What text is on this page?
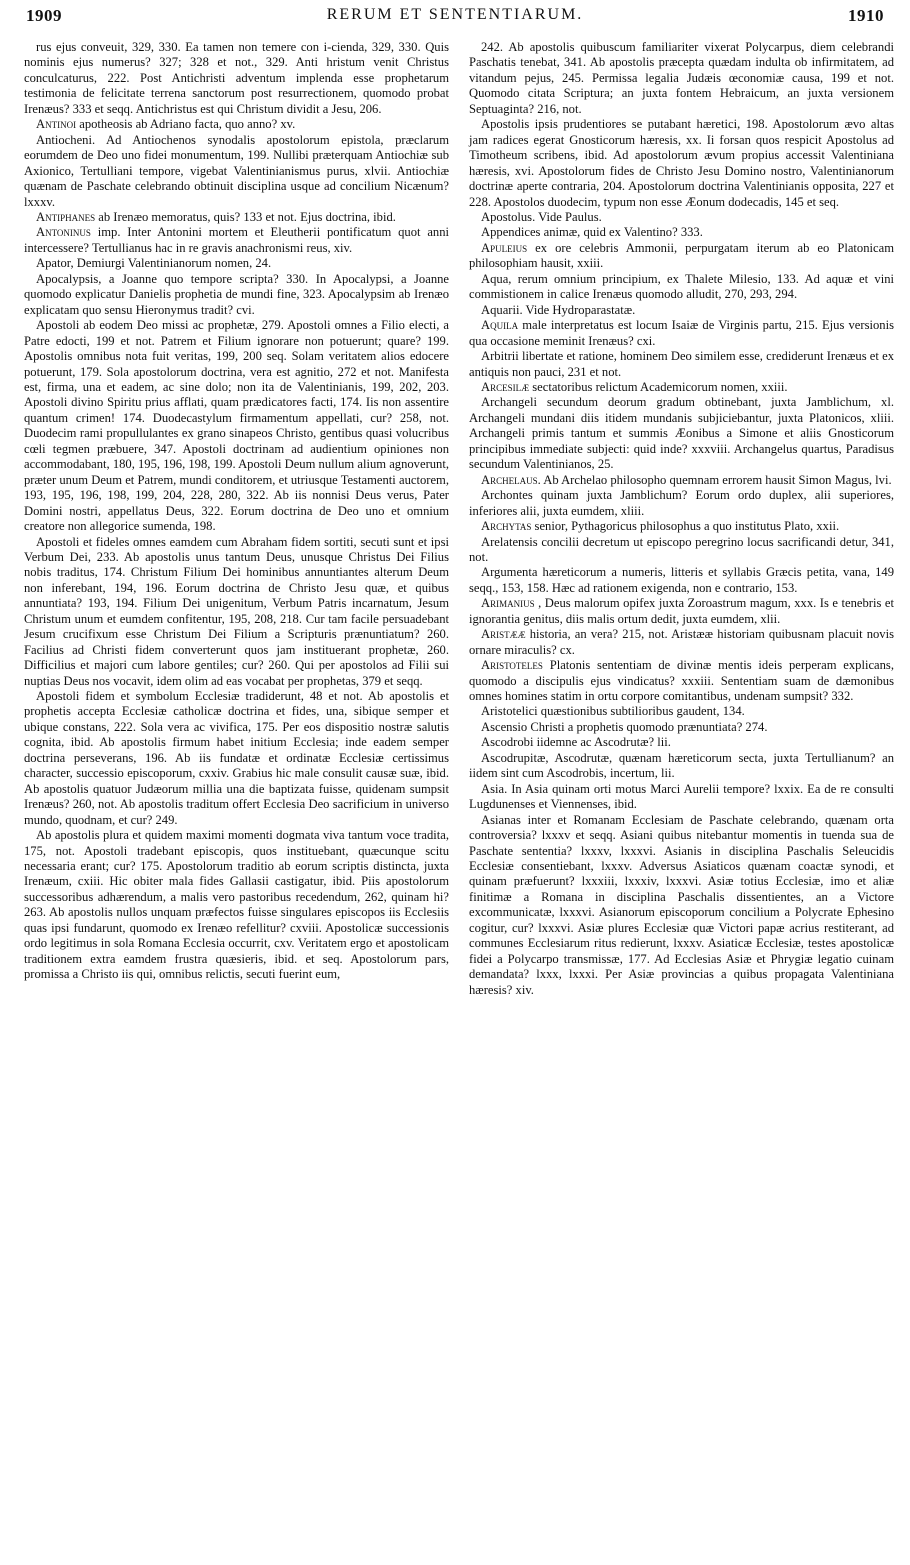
1909	RERUM ET SENTENTIARUM.	1910

rus ejus conveuit, 329, 330. Ea tamen non temere con i-cienda, 329, 330. Quis nominis ejus numerus? 327; 328 et not., 329. Anti hristum venit Christus conculcaturus, 222. Post Antichristi adventum implenda esse prophetarum testimonia de felicitate terrena sanctorum post resurrectionem, quomodo probat Irenæus? 333 et seqq. Antichristus est qui Christum dividit a Jesu, 206.

Antinoi apotheosis ab Adriano facta, quo anno? xv.

Antiocheni. Ad Antiochenos synodalis apostolorum epistola, præclarum eorumdem de Deo uno fidei monumentum, 199. Nullibi præterquam Antiochiæ sub Axionico, Tertulliani tempore, vigebat Valentinianismus purus, xlvii. Antiochiæ quænam de Paschate celebrando obtinuit disciplina usque ad concilium Nicænum? lxxxv.

Antiphanes ab Irenæo memoratus, quis? 133 et not. Ejus doctrina, ibid.

Antoninus imp. Inter Antonini mortem et Eleutherii pontificatum quot anni intercessere? Tertullianus hac in re gravis anachronismi reus, xiv.

Apator, Demiurgi Valentinianorum nomen, 24.

Apocalypsis, a Joanne quo tempore scripta? 330. In Apocalypsi, a Joanne quomodo explicatur Danielis prophetia de mundi fine, 323. Apocalypsim ab Irenæo explicatam quo sensu Hieronymus tradit? cvi.

Apostoli ab eodem Deo missi ac prophetæ, 279. Apostoli omnes a Filio electi, a Patre edocti, 199 et not. Patrem et Filium ignorare non potuerunt; quare? 199. Apostolis omnibus nota fuit veritas, 199, 200 seq. Solam veritatem alios edocere potuerunt, 179. Sola apostolorum doctrina, vera est agnitio, 272 et not. Manifesta est, firma, una et eadem, ac sine dolo; non ita de Valentinianis, 199, 202, 203. Apostoli divino Spiritu prius afflati, quam prædicatores facti, 174. Iis non assentire quantum crimen! 174. Duodecastylum firmamentum appellati, cur? 258, not. Duodecim rami propullulantes ex grano sinapeos Christo, gentibus quasi volucribus cœli tegmen præbuere, 347. Apostoli doctrinam ad audientium opiniones non accommodabant, 180, 195, 196, 198, 199. Apostoli Deum nullum alium agnoverunt, præter unum Deum et Patrem, mundi conditorem, et utriusque Testamenti auctorem, 193, 195, 196, 198, 199, 204, 228, 280, 322. Ab iis nonnisi Deus verus, Pater Domini nostri, appellatus Deus, 322. Eorum doctrina de Deo uno et omnium creatore non allegorice sumenda, 198.

Apostoli et fideles omnes eamdem cum Abraham fidem sortiti, secuti sunt et ipsi Verbum Dei, 233. Ab apostolis unus tantum Deus, unusque Christus Dei Filius nobis traditus, 174. Christum Filium Dei hominibus annuntiantes alterum Deum non inferebant, 194, 196. Eorum doctrina de Christo Jesu quæ, et quibus annuntiata? 193, 194. Filium Dei unigenitum, Verbum Patris incarnatum, Jesum Christum unum et eumdem confitentur, 195, 208, 218. Cur tam facile persuadebant Jesum crucifixum esse Christum Dei Filium a Scripturis prænuntiatum? 260. Facilius ad Christi fidem converterunt quos jam instituerant prophetæ, 260. Difficilius et majori cum labore gentiles; cur? 260. Qui per apostolos ad Filii sui nuptias Deus nos vocavit, idem olim ad eas vocabat per prophetas, 379 et seqq.

Apostoli fidem et symbolum Ecclesiæ tradiderunt, 48 et not. Ab apostolis et prophetis accepta Ecclesiæ catholicæ doctrina et fides, una, sibique semper et ubique constans, 222. Sola vera ac vivifica, 175. Per eos dispositio nostræ salutis cognita, ibid. Ab apostolis firmum habet initium Ecclesia; inde eadem semper doctrina perseverans, 196. Ab iis fundatæ et ordinatæ Ecclesiæ certissimus character, successio episcoporum, cxxiv. Grabius hic male consulit causæ suæ, ibid. Ab apostolis quatuor Judæorum millia una die baptizata fuisse, quidenam sumpsit Irenæus? 260, not. Ab apostolis traditum offert Ecclesia Deo sacrificium in universo mundo, quodnam, et cur? 249.

Ab apostolis plura et quidem maximi momenti dogmata viva tantum voce tradita, 175, not. Apostoli tradebant episcopis, quos instituebant, quæcunque scitu necessaria erant; cur? 175. Apostolorum traditio ab eorum scriptis distincta, juxta Irenæum, cxiii. Hic obiter mala fides Gallasii castigatur, ibid. Piis apostolorum successoribus adhærendum, a malis vero pastoribus recedendum, 262, quinam hi? 263. Ab apostolis nullos unquam præfectos fuisse singulares episcopos iis Ecclesiis quas ipsi fundarunt, quomodo ex Irenæo refellitur? cxviii. Apostolicæ successionis ordo legitimus in sola Romana Ecclesia occurrit, cxv. Veritatem ergo et apostolicam traditionem extra eamdem frustra quæsieris, ibid. et seq. Apostolorum pars, promissa a Christo iis qui, omnibus relictis, secuti fuerint eum,

242. Ab apostolis quibuscum familiariter vixerat Polycarpus, diem celebrandi Paschatis tenebat, 341. Ab apostolis præcepta quædam indulta ob infirmitatem, ad vitandum pejus, 245. Permissa legalia Judæis œconomiæ causa, 199 et not. Quomodo citata Scriptura; an juxta fontem Hebraicum, an juxta versionem Septuaginta? 216, not.

Apostolis ipsis prudentiores se putabant hæretici, 198. Apostolorum ævo altas jam radices egerat Gnosticorum hæresis, xx. Ii forsan quos respicit Apostolus ad Timotheum scribens, ibid. Ad apostolorum ævum propius accessit Valentiniana hæresis, xvi. Apostolorum fides de Christo Jesu Domino nostro, Valentinianorum doctrinæ aperte contraria, 204. Apostolorum doctrina Valentinianis opposita, 227 et 228. Apostolos duodecim, typum non esse Æonum dodecadis, 145 et seq.

Apostolus. Vide Paulus.

Appendices animæ, quid ex Valentino? 333.

Apuleius ex ore celebris Ammonii, perpurgatam iterum ab eo Platonicam philosophiam hausit, xxiii.

Aqua, rerum omnium principium, ex Thalete Milesio, 133. Ad aquæ et vini commistionem in calice Irenæus quomodo alludit, 270, 293, 294.

Aquarii. Vide Hydroparastatæ.

Aquila male interpretatus est locum Isaiæ de Virginis partu, 215. Ejus versionis qua occasione meminit Irenæus? cxi.

Arbitrii libertate et ratione, hominem Deo similem esse, crediderunt Irenæus et ex antiquis non pauci, 231 et not.

Arcesilæ sectatoribus relictum Academicorum nomen, xxiii.

Archangeli secundum deorum gradum obtinebant, juxta Jamblichum, xl. Archangeli mundani diis itidem mundanis subjiciebantur, juxta Platonicos, xliii. Archangeli primis tantum et summis Æonibus a Simone et aliis Gnosticorum principibus immediate subjecti: quid inde? xxxviii. Archangelus quartus, Paradisus secundum Valentinianos, 25.

Archelaus. Ab Archelao philosopho quemnam errorem hausit Simon Magus, lvi.

Archontes quinam juxta Jamblichum? Eorum ordo duplex, alii superiores, inferiores alii, juxta eumdem, xliii.

Archytas senior, Pythagoricus philosophus a quo institutus Plato, xxii.

Arelatensis concilii decretum ut episcopo peregrino locus sacrificandi detur, 341, not.

Argumenta hæreticorum a numeris, litteris et syllabis Græcis petita, vana, 149 seqq., 153, 158. Hæc ad rationem exigenda, non e contrario, 153.

Arimanius , Deus malorum opifex juxta Zoroastrum magum, xxx. Is e tenebris et ignorantia genitus, diis malis ortum dedit, juxta eumdem, xlii.

Aristææ historia, an vera? 215, not. Aristææ historiam quibusnam placuit novis ornare miraculis? cx.

Aristoteles Platonis sententiam de divinæ mentis ideis perperam explicans, quomodo a discipulis ejus vindicatus? xxxiii. Sententiam suam de dæmonibus omnes homines statim in ortu corpore comitantibus, undenam sumpsit? 332.

Aristotelici quæstionibus subtilioribus gaudent, 134.

Ascensio Christi a prophetis quomodo prænuntiata? 274.

Ascodrobi iidemne ac Ascodrutæ? lii.

Ascodrupitæ, Ascodrutæ, quænam hæreticorum secta, juxta Tertullianum? an iidem sint cum Ascodrobis, incertum, lii.

Asia. In Asia quinam orti motus Marci Aurelii tempore? lxxix. Ea de re consulti Lugdunenses et Viennenses, ibid.

Asianas inter et Romanam Ecclesiam de Paschate celebrando, quænam orta controversia? lxxxv et seqq. Asiani quibus nitebantur momentis in tuenda sua de Paschate sententia? lxxxv, lxxxvi. Asianis in disciplina Paschalis Seleucidis Ecclesiæ consentiebant, lxxxv. Adversus Asiaticos quænam coactæ synodi, et quinam præfuerunt? lxxxiii, lxxxiv, lxxxvi. Asiæ totius Ecclesiæ, imo et aliæ finitimæ a Romana in disciplina Paschalis dissentientes, an a Victore excommunicatæ, lxxxvi. Asianorum episcoporum concilium a Polycrate Ephesino cogitur, cur? lxxxvi. Asiæ plures Ecclesiæ quæ Victori papæ acrius restiterant, ad communes Ecclesiarum ritus redierunt, lxxxv. Asiaticæ Ecclesiæ, testes apostolicæ fidei a Polycarpo transmissæ, 177. Ad Ecclesias Asiæ et Phrygiæ legatio cuinam demandata? lxxx, lxxxi. Per Asiæ provincias a quibus propagata Valentiniana hæresis? xiv.
